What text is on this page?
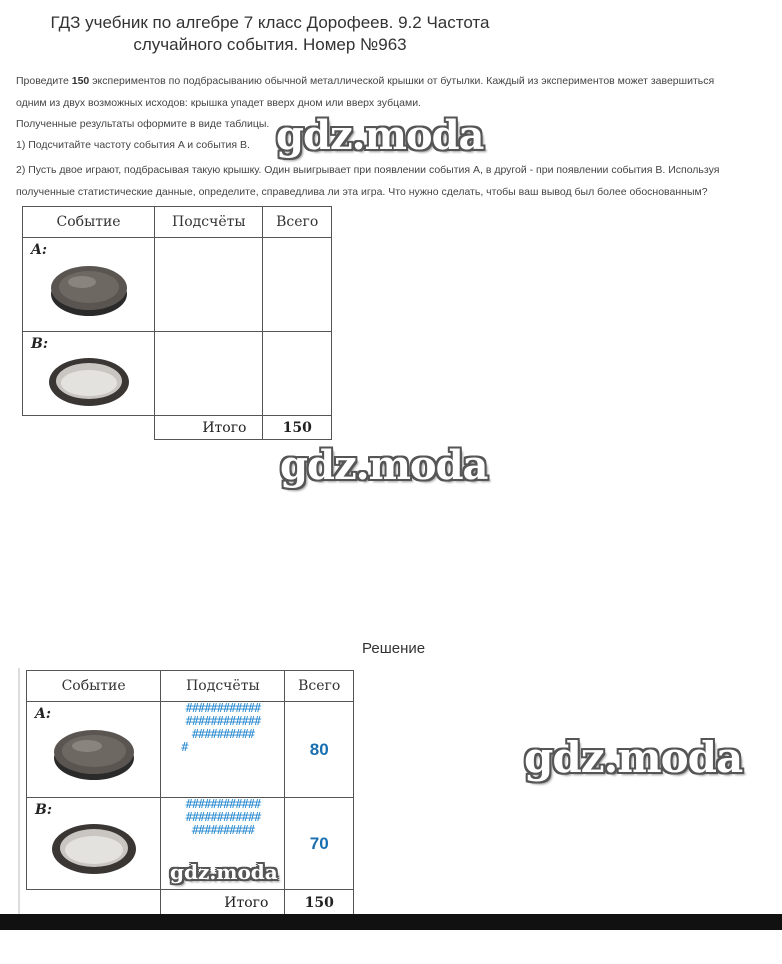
ГДЗ учебник по алгебре 7 класс Дорофеев. 9.2 Частота
случайного события. Номер №963
Проведите 150 экспериментов по подбрасыванию обычной металлической крышки от бутылки. Каждый из экспериментов может завершиться
одним из двух возможных исходов: крышка упадет вверх дном или вверх зубцами.
Полученные результаты оформите в виде таблицы.
1) Подсчитайте частоту события A и события B.
2) Пусть двое играют, подбрасывая такую крышку. Один выигрывает при появлении события A, в другой - при появлении события B. Используя
полученные статистические данные, определите, справедлива ли эта игра. Что нужно сделать, чтобы ваш вывод был более обоснованным?
gdz.moda
Событие	Подсчёты	Всего

A:		

B:		

	Итого	150
gdz.moda
Решение
Событие	Подсчёты	Всего

A:	############
############
##########
#	80

B:	############
############
##########	70
	Итого	150
gdz.moda
gdz.moda
